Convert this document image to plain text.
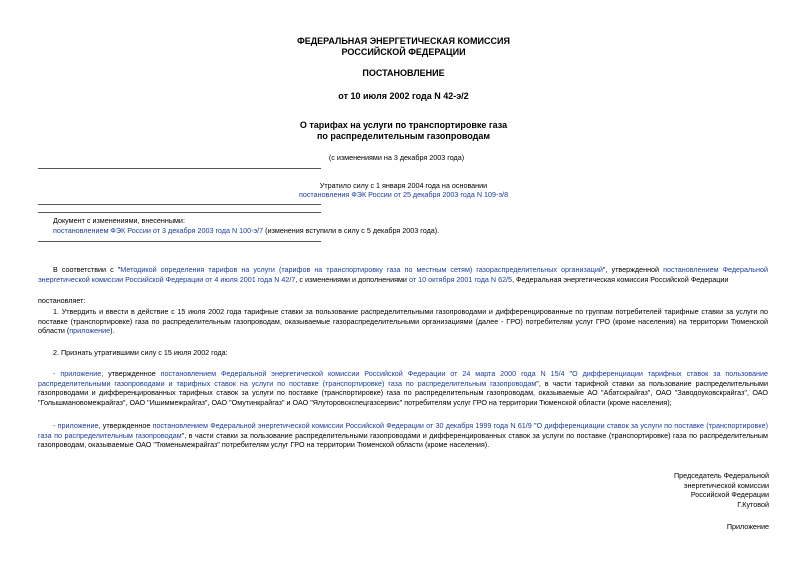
ФЕДЕРАЛЬНАЯ ЭНЕРГЕТИЧЕСКАЯ КОМИССИЯ
РОССИЙСКОЙ ФЕДЕРАЦИИ
ПОСТАНОВЛЕНИЕ
от 10 июля 2002 года N 42-э/2
О тарифах на услуги по транспортировке газа
по распределительным газопроводам
(с изменениями на 3 декабря 2003 года)
Утратило силу с 1 января 2004 года на основании
постановления ФЭК России от 25 декабря 2003 года N 109-э/8
Документ с изменениями, внесенными:
постановлением ФЭК России от 3 декабря 2003 года N 100-э/7 (изменения вступили в силу с 5 декабря 2003 года).
В соответствии с "Методикой определения тарифов на услуги (тарифов на транспортировку газа по местным сетям) газораспределительных организаций", утвержденной постановлением Федеральной энергетической комиссии Российской Федерации от 4 июля 2001 года N 42/7, с изменениями и дополнениями от 10 октября 2001 года N 62/5, Федеральная энергетическая комиссия Российской Федерации
постановляет:
1. Утвердить и ввести в действие с 15 июля 2002 года тарифные ставки за пользование распределительными газопроводами и дифференцированные по группам потребителей тарифные ставки за услуги по поставке (транспортировке) газа по распределительным газопроводам, оказываемые газораспределительными организациями (далее - ГРО) потребителям услуг ГРО (кроме населения) на территории Тюменской области (приложение).
2. Признать утратившими силу с 15 июля 2002 года:
- приложение, утвержденное постановлением Федеральной энергетической комиссии Российской Федерации от 24 марта 2000 года N 15/4 "О дифференциации тарифных ставок за пользование распределительными газопроводами и тарифных ставок на услуги по поставке (транспортировке) газа по распределительным газопроводам", в части тарифной ставки за пользование распределительными газопроводами и дифференцированных тарифных ставок за услуги по поставке (транспортировке) газа по распределительным газопроводам, оказываемые АО "Абатскрайгаз", ОАО "Заводоуковскрайгаз", ОАО "Голышмановомежрайгаз", ОАО "Ишиммежрайгаз", ОАО "Омутинкрайгаз" и ОАО "Ялуторовскспецгазсервис" потребителям услуг ГРО на территории Тюменской области (кроме населения);
- приложение, утвержденное постановлением Федеральной энергетической комиссии Российской Федерации от 30 декабря 1999 года N 61/9 "О дифференциации ставок за услуги по поставке (транспортировке) газа по распределительным газопроводам", в части ставки за пользование распределительными газопроводами и дифференцированных ставок за услуги по поставке (транспортировке) газа по распределительным газопроводам, оказываемые ОАО "Тюменьмежрайгаз" потребителям услуг ГРО на территории Тюменской области (кроме населения).
Председатель Федеральной
энергетической комиссии
Российской Федерации
Г.Кутовой
Приложение
